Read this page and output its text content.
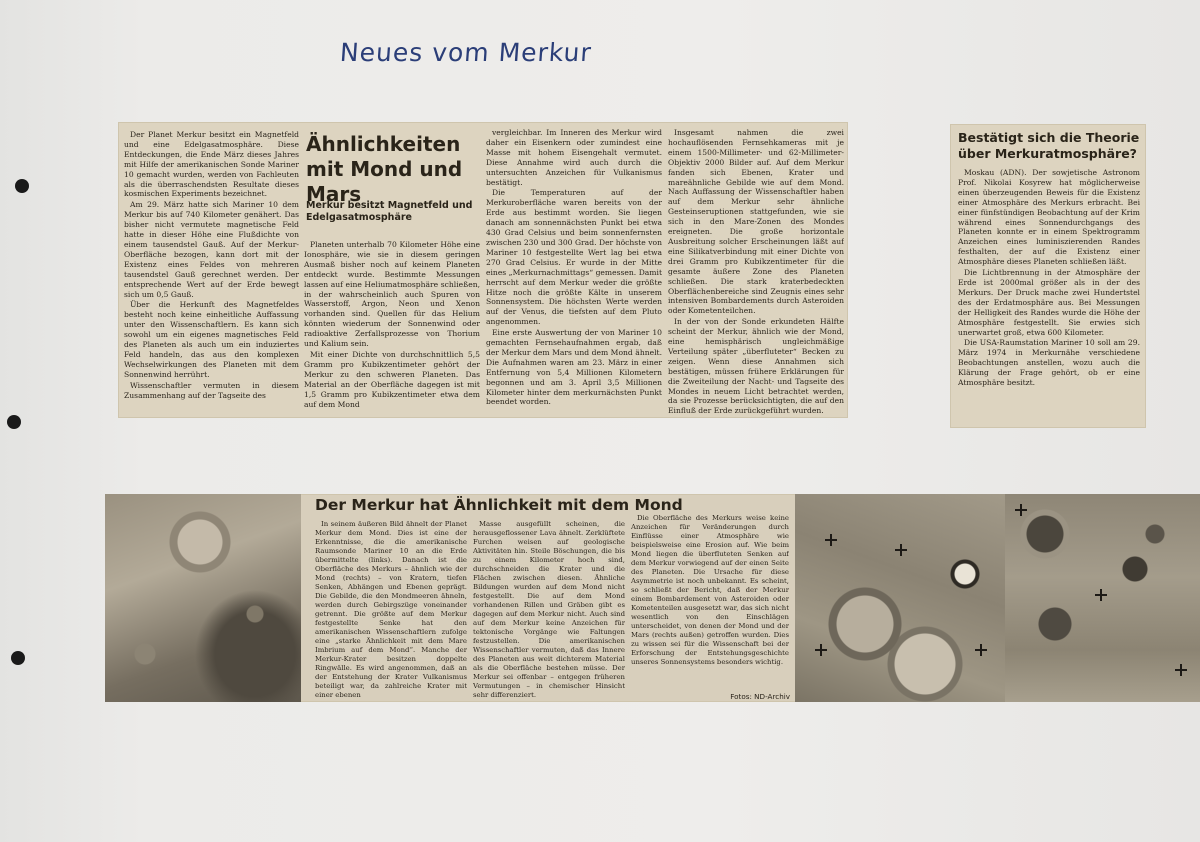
Neues vom Merkur

Der Planet Merkur besitzt ein Magnetfeld und eine Edelgasatmosphäre. Diese Entdeckungen, die Ende März dieses Jahres mit Hilfe der amerikanischen Sonde Mariner 10 gemacht wurden, werden von Fachleuten als die überraschendsten Resultate dieses kosmischen Experiments bezeichnet.

Am 29. März hatte sich Mariner 10 dem Merkur bis auf 740 Kilometer genähert. Das bisher nicht vermutete magnetische Feld hatte in dieser Höhe eine Flußdichte von einem tausendstel Gauß. Auf der Merkur-Oberfläche bezogen, kann dort mit der Existenz eines Feldes von mehreren tausendstel Gauß gerechnet werden. Der entsprechende Wert auf der Erde bewegt sich um 0,5 Gauß.

Über die Herkunft des Magnetfeldes besteht noch keine einheitliche Auffassung unter den Wissenschaftlern. Es kann sich sowohl um ein eigenes magnetisches Feld des Planeten als auch um ein induziertes Feld handeln, das aus den komplexen Wechselwirkungen des Planeten mit dem Sonnenwind herrührt.

Wissenschaftler vermuten in diesem Zusammenhang auf der Tagseite des

Ähnlichkeiten mit Mond und Mars
Merkur besitzt Magnetfeld und Edelgasatmosphäre

Planeten unterhalb 70 Kilometer Höhe eine Ionosphäre, wie sie in diesem geringen Ausmaß bisher noch auf keinem Planeten entdeckt wurde. Bestimmte Messungen lassen auf eine Heliumatmosphäre schließen, in der wahrscheinlich auch Spuren von Wasserstoff, Argon, Neon und Xenon vorhanden sind. Quellen für das Helium könnten wiederum der Sonnenwind oder radioaktive Zerfallsprozesse von Thorium und Kalium sein.

Mit einer Dichte von durchschnittlich 5,5 Gramm pro Kubikzentimeter gehört der Merkur zu den schweren Planeten. Das Material an der Oberfläche dagegen ist mit 1,5 Gramm pro Kubikzentimeter etwa dem auf dem Mond

vergleichbar. Im Inneren des Merkur wird daher ein Eisenkern oder zumindest eine Masse mit hohem Eisengehalt vermutet. Diese Annahme wird auch durch die untersuchten Anzeichen für Vulkanismus bestätigt.

Die Temperaturen auf der Merkuroberfläche waren bereits von der Erde aus bestimmt worden. Sie liegen danach am sonnennächsten Punkt bei etwa 430 Grad Celsius und beim sonnenfernsten zwischen 230 und 300 Grad. Der höchste von Mariner 10 festgestellte Wert lag bei etwa 270 Grad Celsius. Er wurde in der Mitte eines „Merkurnachmittags“ gemessen. Damit herrscht auf dem Merkur weder die größte Hitze noch die größte Kälte in unserem Sonnensystem. Die höchsten Werte werden auf der Venus, die tiefsten auf dem Pluto angenommen.

Eine erste Auswertung der von Mariner 10 gemachten Fernsehaufnahmen ergab, daß der Merkur dem Mars und dem Mond ähnelt. Die Aufnahmen waren am 23. März in einer Entfernung von 5,4 Millionen Kilometern begonnen und am 3. April 3,5 Millionen Kilometer hinter dem merkurnächsten Punkt beendet worden.

Insgesamt nahmen die zwei hochauflösenden Fernsehkameras mit je einem 1500-Millimeter- und 62-Millimeter-Objektiv 2000 Bilder auf. Auf dem Merkur fanden sich Ebenen, Krater und mareähnliche Gebilde wie auf dem Mond. Nach Auffassung der Wissenschaftler haben auf dem Merkur sehr ähnliche Gesteinseruptionen stattgefunden, wie sie sich in den Mare-Zonen des Mondes ereigneten. Die große horizontale Ausbreitung solcher Erscheinungen läßt auf eine Silikatverbindung mit einer Dichte von drei Gramm pro Kubikzentimeter für die gesamte äußere Zone des Planeten schließen. Die stark kraterbedeckten Oberflächenbereiche sind Zeugnis eines sehr intensiven Bombardements durch Asteroiden oder Kometenteilchen.

In der von der Sonde erkundeten Hälfte scheint der Merkur, ähnlich wie der Mond, eine hemisphärisch ungleichmäßige Verteilung später „überfluteter“ Becken zu zeigen. Wenn diese Annahmen sich bestätigen, müssen frühere Erklärungen für die Zweiteilung der Nacht- und Tagseite des Mondes in neuem Licht betrachtet werden, da sie Prozesse berücksichtigten, die auf den Einfluß der Erde zurückgeführt wurden.

Bestätigt sich die Theorie über Merkuratmosphäre?

Moskau (ADN). Der sowjetische Astronom Prof. Nikolai Kosyrew hat möglicherweise einen überzeugenden Beweis für die Existenz einer Atmosphäre des Merkurs erbracht. Bei einer fünfstündigen Beobachtung auf der Krim während eines Sonnendurchgangs des Planeten konnte er in einem Spektrogramm Anzeichen eines luminiszierenden Randes festhalten, der auf die Existenz einer Atmosphäre dieses Planeten schließen läßt.

Die Lichtbrennung in der Atmosphäre der Erde ist 2000mal größer als in der des Merkurs. Der Druck mache zwei Hundertstel des der Erdatmosphäre aus. Bei Messungen der Helligkeit des Randes wurde die Höhe der Atmosphäre festgestellt. Sie erwies sich unerwartet groß, etwa 600 Kilometer.

Die USA-Raumstation Mariner 10 soll am 29. März 1974 in Merkurnähe verschiedene Beobachtungen anstellen, wozu auch die Klärung der Frage gehört, ob er eine Atmosphäre besitzt.

Der Merkur hat Ähnlichkeit mit dem Mond

In seinem äußeren Bild ähnelt der Planet Merkur dem Mond. Dies ist eine der Erkenntnisse, die die amerikanische Raumsonde Mariner 10 an die Erde übermittelte (links). Danach ist die Oberfläche des Merkurs – ähnlich wie der Mond (rechts) – von Kratern, tiefen Senken, Abhängen und Ebenen geprägt. Die Gebilde, die den Mondmeeren ähneln, werden durch Gebirgszüge voneinander getrennt. Die größte auf dem Merkur festgestellte Senke hat den amerikanischen Wissenschaftlern zufolge eine „starke Ähnlichkeit mit dem Mare Imbrium auf dem Mond“. Manche der Merkur-Krater besitzen doppelte Ringwälle. Es wird angenommen, daß an der Entstehung der Krater Vulkanismus beteiligt war, da zahlreiche Krater mit einer ebenen

Masse ausgefüllt scheinen, die herausgeflossener Lava ähnelt. Zerklüftete Furchen weisen auf geologische Aktivitäten hin. Steile Böschungen, die bis zu einem Kilometer hoch sind, durchschneiden die Krater und die Flächen zwischen diesen. Ähnliche Bildungen wurden auf dem Mond nicht festgestellt. Die auf dem Mond vorhandenen Rillen und Gräben gibt es dagegen auf dem Merkur nicht. Auch sind auf dem Merkur keine Anzeichen für tektonische Vorgänge wie Faltungen festzustellen. Die amerikanischen Wissenschaftler vermuten, daß das Innere des Planeten aus weit dichterem Material als die Oberfläche bestehen müsse. Der Merkur sei offenbar – entgegen früheren Vermutungen – in chemischer Hinsicht sehr differenziert.

Die Oberfläche des Merkurs weise keine Anzeichen für Veränderungen durch Einflüsse einer Atmosphäre wie beispielsweise eine Erosion auf. Wie beim Mond liegen die überfluteten Senken auf dem Merkur vorwiegend auf der einen Seite des Planeten. Die Ursache für diese Asymmetrie ist noch unbekannt. Es scheint, so schließt der Bericht, daß der Merkur einem Bombardement von Asteroiden oder Kometenteilen ausgesetzt war, das sich nicht wesentlich von den Einschlägen unterscheidet, von denen der Mond und der Mars (rechts außen) getroffen wurden. Dies zu wissen sei für die Wissenschaft bei der Erforschung der Entstehungsgeschichte unseres Sonnensystems besonders wichtig.

Fotos: ND-Archiv
